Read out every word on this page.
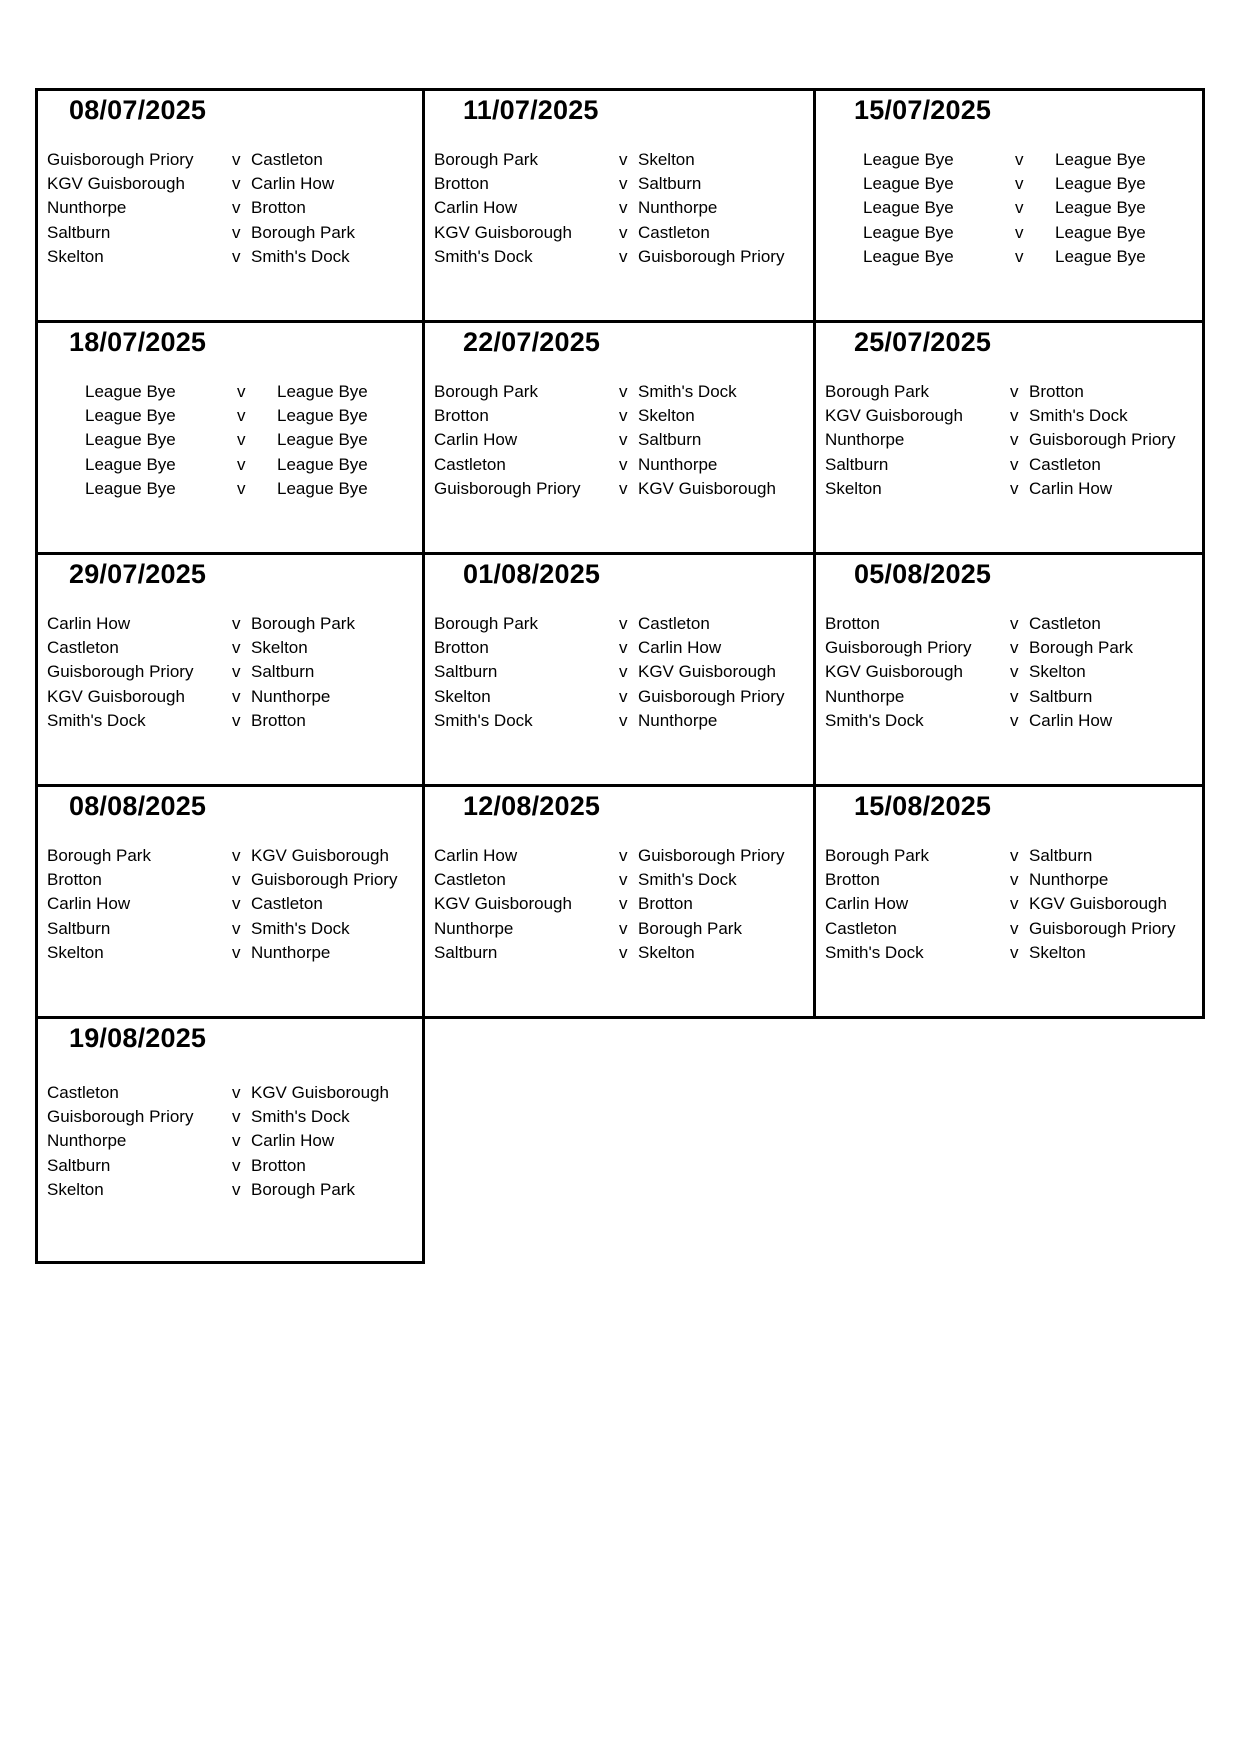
08/07/2025
Guisborough Priory v Castleton
KGV Guisborough	v Carlin How
Nunthorpe	v Brotton
Saltburn	v Borough Park
Skelton	v Smith's Dock
11/07/2025
Borough Park	v Skelton
Brotton	v Saltburn
Carlin How	v Nunthorpe
KGV Guisborough	v Castleton
Smith's Dock	v Guisborough Priory
15/07/2025
League Bye	v League Bye
League Bye	v League Bye
League Bye	v League Bye
League Bye	v League Bye
League Bye	v League Bye
18/07/2025
League Bye	v League Bye
League Bye	v League Bye
League Bye	v League Bye
League Bye	v League Bye
League Bye	v League Bye
22/07/2025
Borough Park	v Smith's Dock
Brotton	v Skelton
Carlin How	v Saltburn
Castleton	v Nunthorpe
Guisborough Priory v KGV Guisborough
25/07/2025
Borough Park	v Brotton
KGV Guisborough	v Smith's Dock
Nunthorpe	v Guisborough Priory
Saltburn	v Castleton
Skelton	v Carlin How
29/07/2025
Carlin How	v Borough Park
Castleton	v Skelton
Guisborough Priory v Saltburn
KGV Guisborough	v Nunthorpe
Smith's Dock	v Brotton
01/08/2025
Borough Park	v Castleton
Brotton	v Carlin How
Saltburn	v KGV Guisborough
Skelton	v Guisborough Priory
Smith's Dock	v Nunthorpe
05/08/2025
Brotton	v Castleton
Guisborough Priory v Borough Park
KGV Guisborough	v Skelton
Nunthorpe	v Saltburn
Smith's Dock	v Carlin How
08/08/2025
Borough Park	v KGV Guisborough
Brotton	v Guisborough Priory
Carlin How	v Castleton
Saltburn	v Smith's Dock
Skelton	v Nunthorpe
12/08/2025
Carlin How	v Guisborough Priory
Castleton	v Smith's Dock
KGV Guisborough	v Brotton
Nunthorpe	v Borough Park
Saltburn	v Skelton
15/08/2025
Borough Park	v Saltburn
Brotton	v Nunthorpe
Carlin How	v KGV Guisborough
Castleton	v Guisborough Priory
Smith's Dock	v Skelton
19/08/2025
Castleton	v KGV Guisborough
Guisborough Priory v Smith's Dock
Nunthorpe	v Carlin How
Saltburn	v Brotton
Skelton	v Borough Park
